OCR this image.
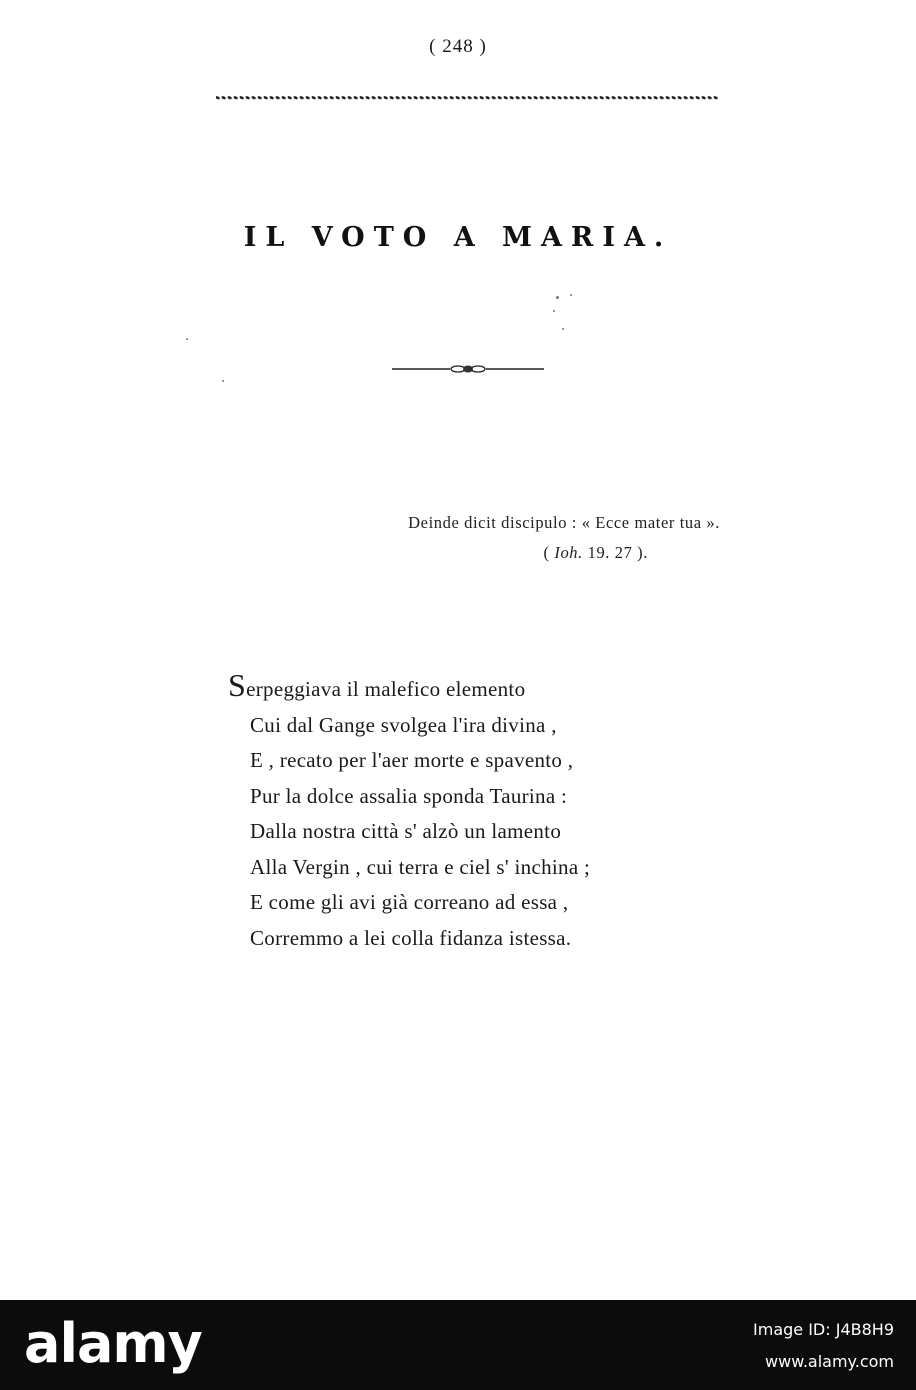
( 248 )
IL VOTO A MARIA.
Deinde dicit discipulo : « Ecce mater tua ».
( Ioh. 19. 27 ).
Serpeggiava il malefico elemento
Cui dal Gange svolgea l'ira divina ,
E , recato per l'aer morte e spavento ,
Pur la dolce assalia sponda Taurina :
Dalla nostra città s' alzò un lamento
Alla Vergin , cui terra e ciel s' inchina ;
E come gli avi già correano ad essa ,
Corremmo a lei colla fidanza istessa.
alamy	Image ID: J4B8H9
www.alamy.com
